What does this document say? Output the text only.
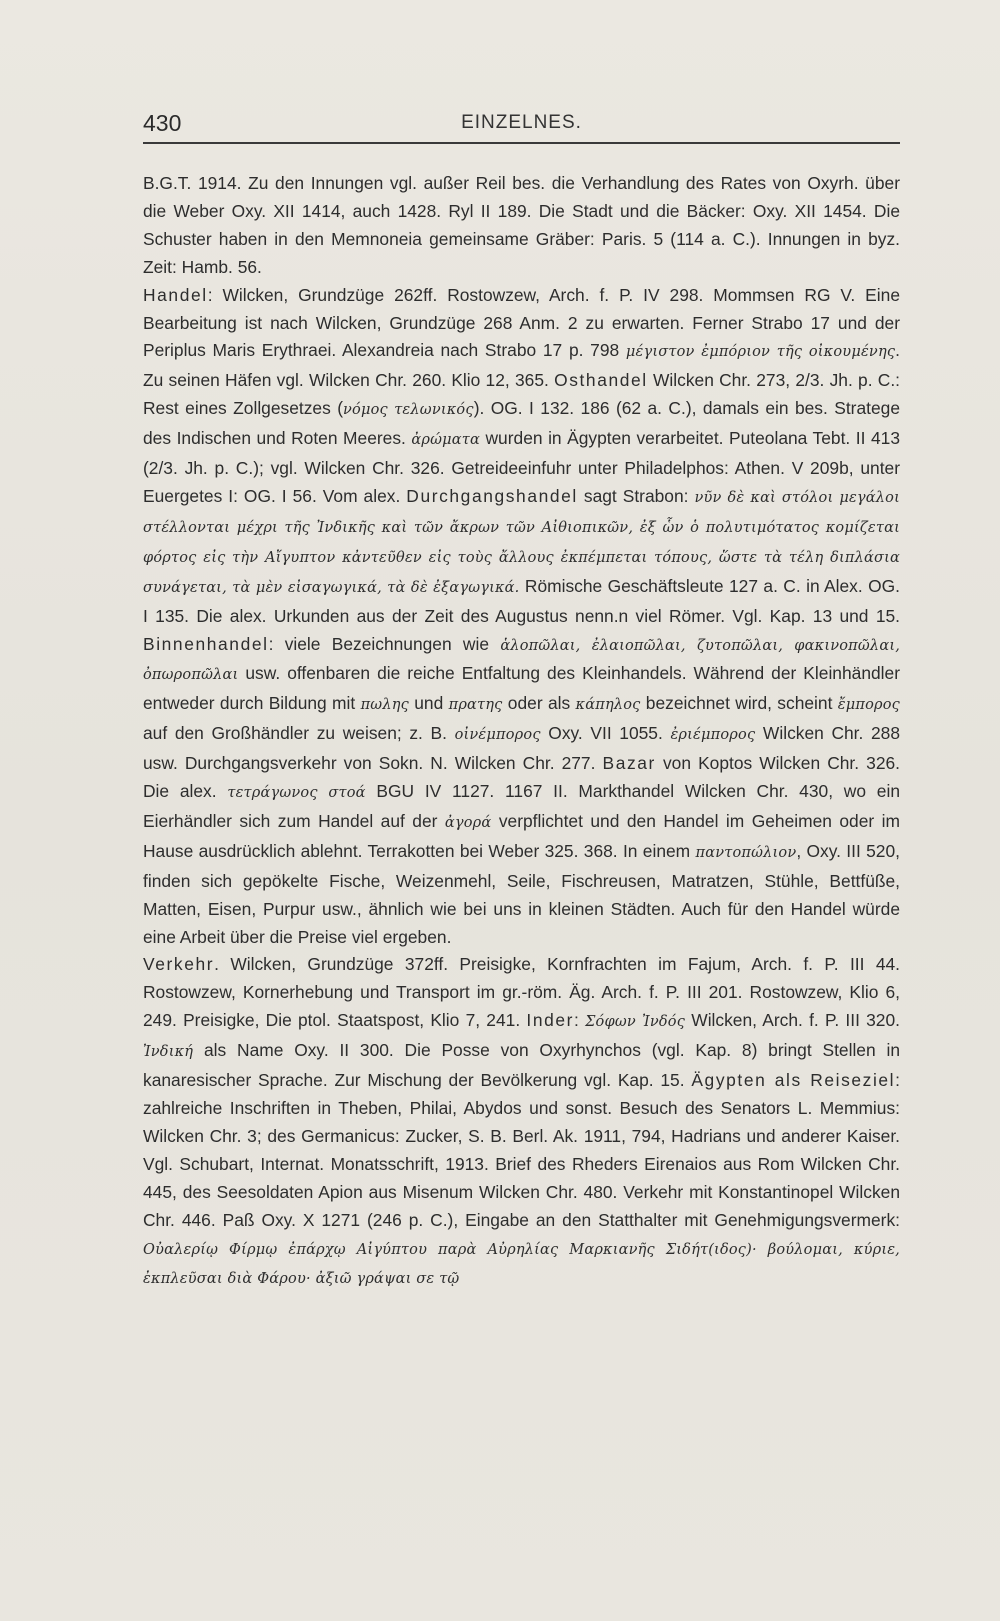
430	EINZELNES.

B.G.T. 1914. Zu den Innungen vgl. außer Reil bes. die Verhandlung des Rates von Oxyrh. über die Weber Oxy. XII 1414, auch 1428. Ryl II 189. Die Stadt und die Bäcker: Oxy. XII 1454. Die Schuster haben in den Memnoneia gemeinsame Gräber: Paris. 5 (114 a. C.). Innungen in byz. Zeit: Hamb. 56.

Handel: Wilcken, Grundzüge 262ff. Rostowzew, Arch. f. P. IV 298. Mommsen RG V. Eine Bearbeitung ist nach Wilcken, Grundzüge 268 Anm. 2 zu erwarten. Ferner Strabo 17 und der Periplus Maris Erythraei. Alexandreia nach Strabo 17 p. 798 μέγιστον ἐμπόριον τῆς οἰκουμένης. Zu seinen Häfen vgl. Wilcken Chr. 260. Klio 12, 365. Osthandel Wilcken Chr. 273, 2/3. Jh. p. C.: Rest eines Zollgesetzes (νόμος τελωνικός). OG. I 132. 186 (62 a. C.), damals ein bes. Stratege des Indischen und Roten Meeres. ἀρώματα wurden in Ägypten verarbeitet. Puteolana Tebt. II 413 (2/3. Jh. p. C.); vgl. Wilcken Chr. 326. Getreideeinfuhr unter Philadelphos: Athen. V 209b, unter Euergetes I: OG. I 56. Vom alex. Durchgangshandel sagt Strabon: νῦν δὲ καὶ στόλοι μεγάλοι στέλλονται μέχρι τῆς Ἰνδικῆς καὶ τῶν ἄκρων τῶν Αἰθιοπικῶν, ἐξ ὧν ὁ πολυτιμότατος κομίζεται φόρτος εἰς τὴν Αἴγυπτον κἀντεῦθεν εἰς τοὺς ἄλλους ἐκπέμπεται τόπους, ὥστε τὰ τέλη διπλάσια συνάγεται, τὰ μὲν εἰσαγωγικά, τὰ δὲ ἐξαγωγικά. Römische Geschäftsleute 127 a. C. in Alex. OG. I 135. Die alex. Urkunden aus der Zeit des Augustus nenn.n viel Römer. Vgl. Kap. 13 und 15. Binnenhandel: viele Bezeichnungen wie ἁλοπῶλαι, ἐλαιοπῶλαι, ζυτοπῶλαι, φακινοπῶλαι, ὀπωροπῶλαι usw. offenbaren die reiche Entfaltung des Kleinhandels. Während der Kleinhändler entweder durch Bildung mit πωλης und πρατης oder als κάπηλος bezeichnet wird, scheint ἔμπορος auf den Großhändler zu weisen; z. B. οἰνέμπορος Oxy. VII 1055. ἐριέμπορος Wilcken Chr. 288 usw. Durchgangsverkehr von Sokn. N. Wilcken Chr. 277. Bazar von Koptos Wilcken Chr. 326. Die alex. τετράγωνος στοά BGU IV 1127. 1167 II. Markthandel Wilcken Chr. 430, wo ein Eierhändler sich zum Handel auf der ἀγορά verpflichtet und den Handel im Geheimen oder im Hause ausdrücklich ablehnt. Terrakotten bei Weber 325. 368. In einem παντοπώλιον, Oxy. III 520, finden sich gepökelte Fische, Weizenmehl, Seile, Fischreusen, Matratzen, Stühle, Bettfüße, Matten, Eisen, Purpur usw., ähnlich wie bei uns in kleinen Städten. Auch für den Handel würde eine Arbeit über die Preise viel ergeben.

Verkehr. Wilcken, Grundzüge 372ff. Preisigke, Kornfrachten im Fajum, Arch. f. P. III 44. Rostowzew, Kornerhebung und Transport im gr.-röm. Äg. Arch. f. P. III 201. Rostowzew, Klio 6, 249. Preisigke, Die ptol. Staatspost, Klio 7, 241. Inder: Σόφων Ἰνδός Wilcken, Arch. f. P. III 320. Ἰνδική als Name Oxy. II 300. Die Posse von Oxyrhynchos (vgl. Kap. 8) bringt Stellen in kanaresischer Sprache. Zur Mischung der Bevölkerung vgl. Kap. 15. Ägypten als Reiseziel: zahlreiche Inschriften in Theben, Philai, Abydos und sonst. Besuch des Senators L. Memmius: Wilcken Chr. 3; des Germanicus: Zucker, S. B. Berl. Ak. 1911, 794, Hadrians und anderer Kaiser. Vgl. Schubart, Internat. Monatsschrift, 1913. Brief des Rheders Eirenaios aus Rom Wilcken Chr. 445, des Seesoldaten Apion aus Misenum Wilcken Chr. 480. Verkehr mit Konstantinopel Wilcken Chr. 446. Paß Oxy. X 1271 (246 p. C.), Eingabe an den Statthalter mit Genehmigungsvermerk: Οὐαλερίῳ Φίρμῳ ἐπάρχῳ Αἰγύπτου παρὰ Αὐρηλίας Μαρκιανῆς Σιδήτ(ιδος)· βούλομαι, κύριε, ἐκπλεῦσαι διὰ Φάρου· ἀξιῶ γράψαι σε τῷ
